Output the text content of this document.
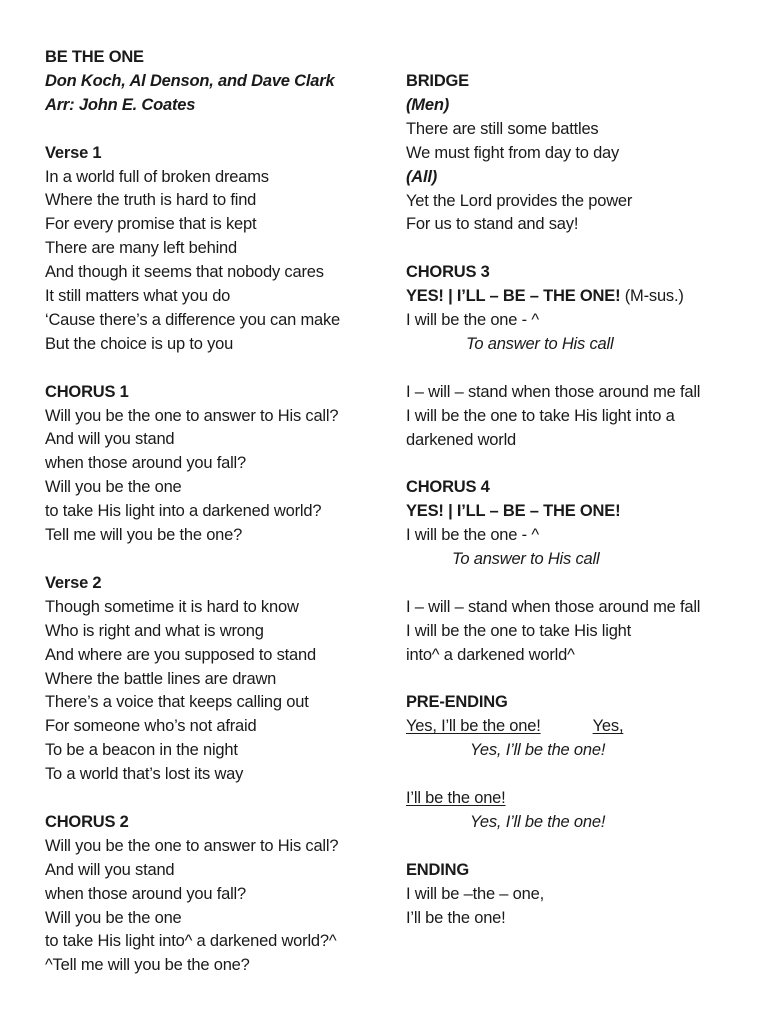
BE THE ONE
Don Koch, Al Denson, and Dave Clark
Arr: John E. Coates
Verse 1
In a world full of broken dreams
Where the truth is hard to find
For every promise that is kept
There are many left behind
And though it seems that nobody cares
It still matters what you do
‘Cause there’s a difference you can make
But the choice is up to you
CHORUS 1
Will you be the one to answer to His call?
And will you stand
when those around you fall?
Will you be the one
to take His light into a darkened world?
Tell me will you be the one?
Verse 2
Though sometime it is hard to know
Who is right and what is wrong
And where are you supposed to stand
Where the battle lines are drawn
There’s a voice that keeps calling out
For someone who’s not afraid
To be a beacon in the night
To a world that’s lost its way
CHORUS 2
Will you be the one to answer to His call?
And will you stand
when those around you fall?
Will you be the one
to take His light into^ a darkened world?^
^Tell me will you be the one?
BRIDGE
(Men)
There are still some battles
We must fight from day to day
(All)
Yet the Lord provides the power
For us to stand and say!
CHORUS 3
YES! | I’LL – BE – THE ONE! (M-sus.)
I will be the one - ^
To answer to His call
I – will – stand when those around me fall
I will be the one to take His light into a
darkened world
CHORUS 4
YES! | I’LL – BE – THE ONE!
I will be the one - ^
To answer to His call
I – will – stand when those around me fall
I will be the one to take His light
into^ a darkened world^
PRE-ENDING
Yes, I’ll be the one!	Yes,
Yes, I’ll be the one!
I’ll be the one!
Yes, I’ll be the one!
ENDING
I will be –the – one,
I’ll be the one!
